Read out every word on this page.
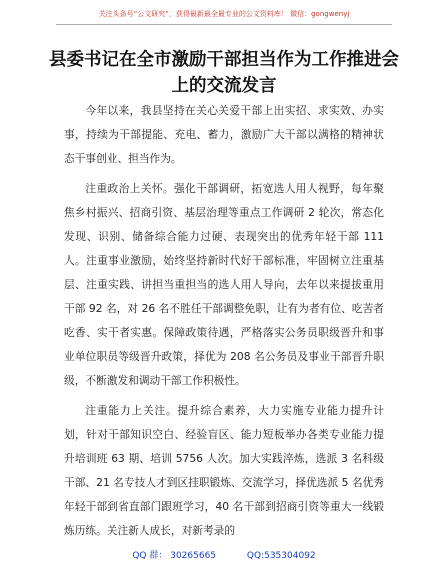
关注头条号“公文研究”，获得最新最全最专业的公文资料库！ 微信：gongwenyj
县委书记在全市激励干部担当作为工作推进会
上的交流发言

今年以来，我县坚持在关心关爱干部上出实招、求实效、办实事，持续为干部提能、充电、蓄力，激励广大干部以满格的精神状态干事创业、担当作为。

注重政治上关怀。强化干部调研，拓宽选人用人视野，每年聚焦乡村振兴、招商引资、基层治理等重点工作调研 2 轮次，常态化发现、识别、储备综合能力过硬、表现突出的优秀年轻干部 111 人。注重事业激励，始终坚持新时代好干部标准，牢固树立注重基层、注重实践、讲担当重担当的选人用人导向，去年以来提拔重用干部 92 名，对 26 名不胜任干部调整免职，让有为者有位、吃苦者吃香、实干者实惠。保障政策待遇，严格落实公务员职级晋升和事业单位职员等级晋升政策，择优为 208 名公务员及事业干部晋升职级，不断激发和调动干部工作积极性。

注重能力上关注。提升综合素养，大力实施专业能力提升计划，针对干部知识空白、经验盲区、能力短板举办各类专业能力提升培训班 63 期、培训 5756 人次。加大实践淬炼，选派 3 名科级干部、21 名专技人才到区挂职锻炼、交流学习，择优选派 5 名优秀年轻干部到省直部门跟班学习，40 名干部到招商引资等重大一线锻炼历练。关注新人成长，对新考录的

QQ 群： 30265665	QQ:535304092
